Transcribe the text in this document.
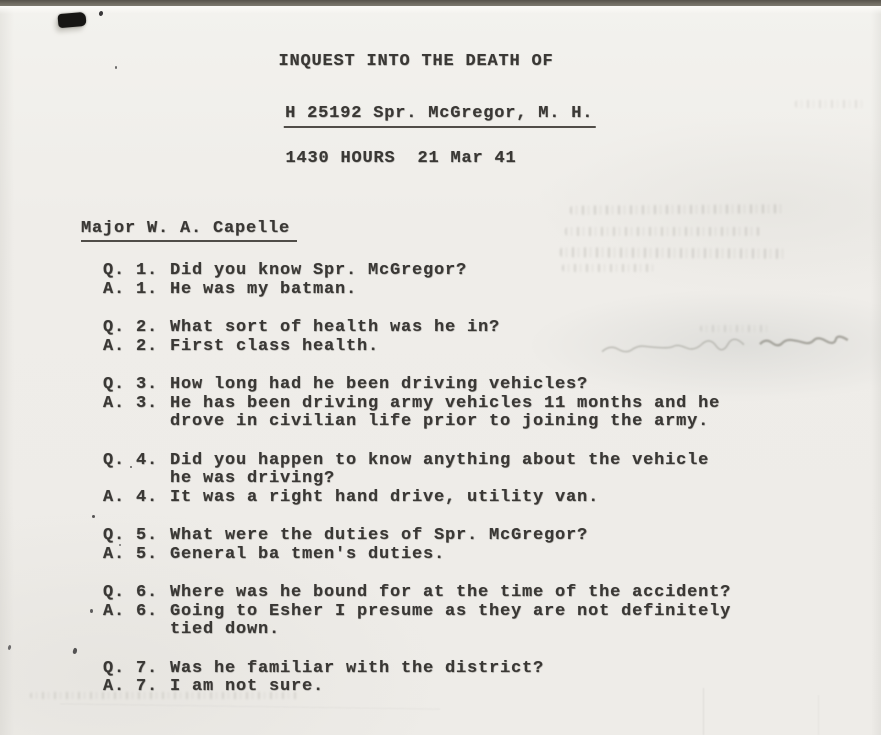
INQUEST INTO THE DEATH OF

H 25192 Spr. McGregor, M. H.

1430 HOURS  21 Mar 41
Major W. A. Capelle
Q. 1. Did you know Spr. McGregor?
A. 1. He was my batman.
Q. 2. What sort of health was he in?
A. 2. First class health.
Q. 3. How long had he been driving vehicles?
A. 3. He has been driving army vehicles 11 months and he
drove in civilian life prior to joining the army.
Q. 4. Did you happen to know anything about the vehicle
he was driving?
A. 4. It was a right hand drive, utility van.
Q. 5. What were the duties of Spr. McGregor?
A. 5. General ba tmen's duties.
Q. 6. Where was he bound for at the time of the accident?
A. 6. Going to Esher I presume as they are not definitely
tied down.
Q. 7. Was he familiar with the district?
A. 7. I am not sure.
